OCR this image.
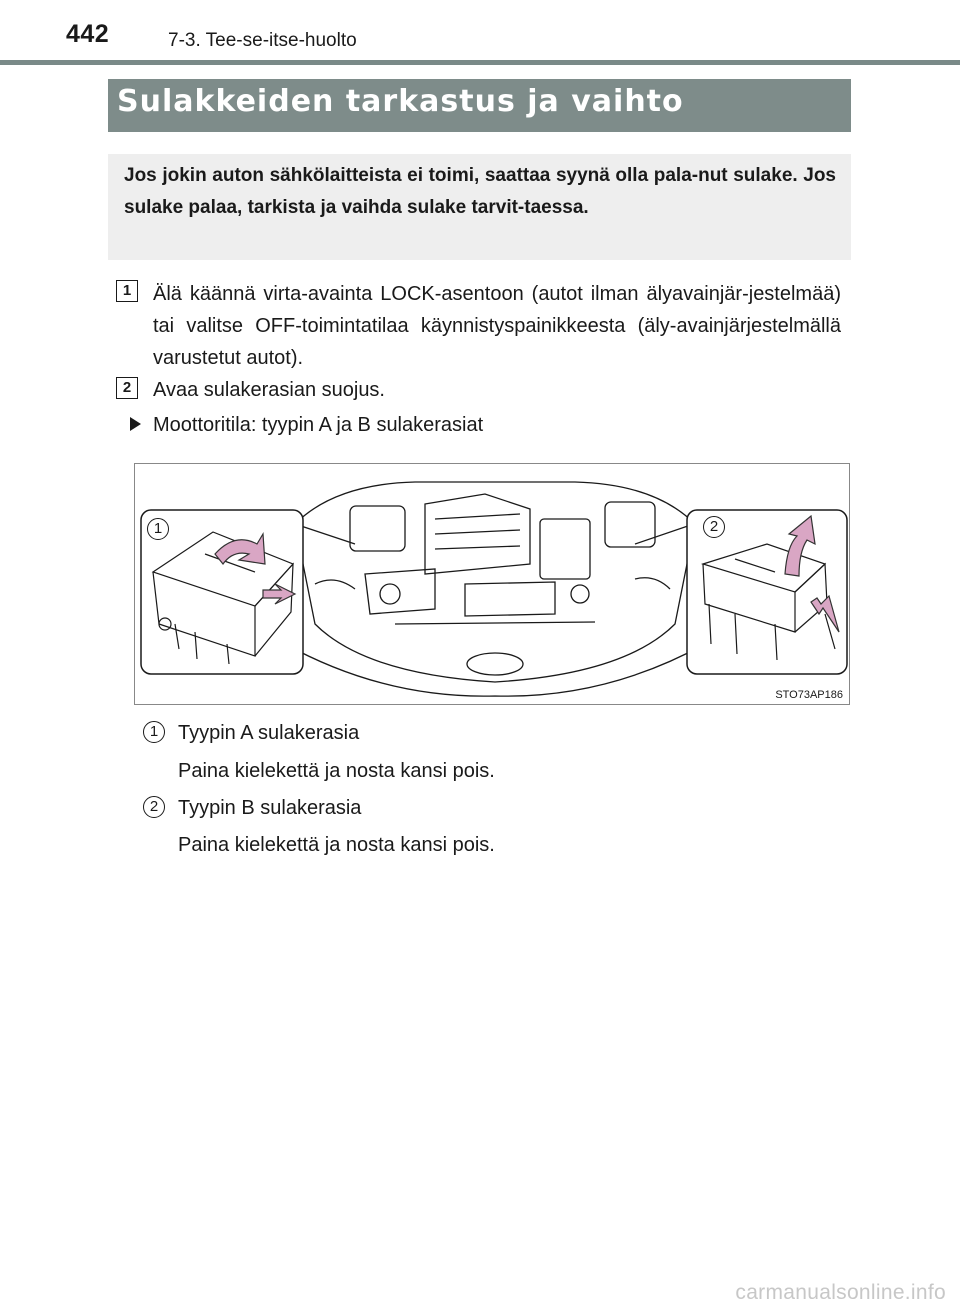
442	7-3. Tee-se-itse-huolto
Sulakkeiden tarkastus ja vaihto
Jos jokin auton sähkölaitteista ei toimi, saattaa syynä olla pala-nut sulake. Jos sulake palaa, tarkista ja vaihda sulake tarvit-taessa.
1	Älä käännä virta-avainta LOCK-asentoon (autot ilman älyavainjär-jestelmää) tai valitse OFF-toimintatilaa käynnistyspainikkeesta (äly-avainjärjestelmällä varustetut autot).
2	Avaa sulakerasian suojus.
Moottoritila: tyypin A ja B sulakerasiat
1	2
STO73AP186
1 Tyypin A sulakerasia
Paina kielekettä ja nosta kansi pois.
2 Tyypin B sulakerasia
Paina kielekettä ja nosta kansi pois.
carmanualsonline.info
